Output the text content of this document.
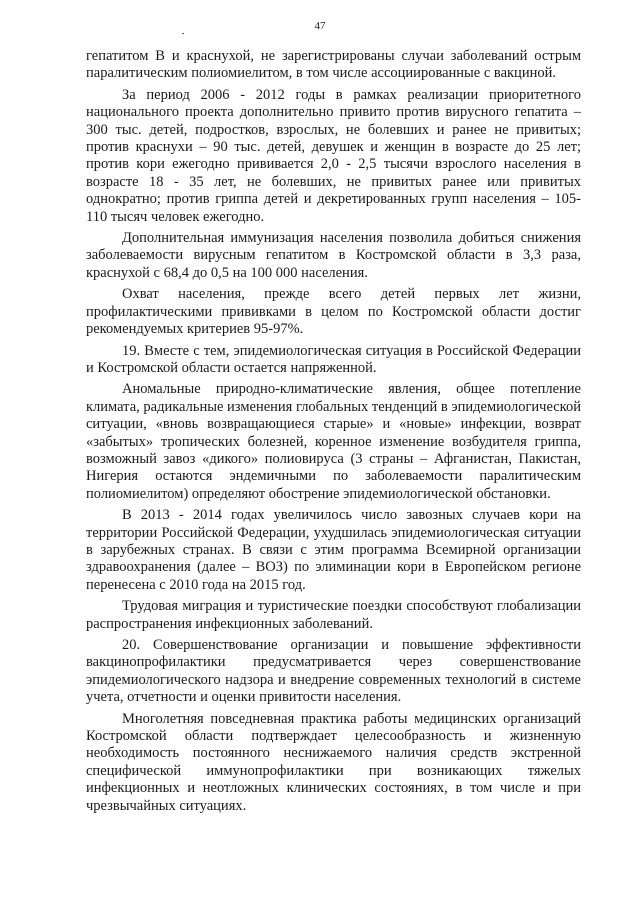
47

гепатитом В и краснухой, не зарегистрированы случаи заболеваний острым паралитическим полиомиелитом, в том числе ассоциированные с вакциной.

За период 2006 - 2012 годы в рамках реализации приоритетного национального проекта дополнительно привито против вирусного гепатита – 300 тыс. детей, подростков, взрослых, не болевших и ранее не привитых; против краснухи – 90 тыс. детей, девушек и женщин в возрасте до 25 лет; против кори ежегодно прививается 2,0 - 2,5 тысячи взрослого населения в возрасте 18 - 35 лет, не болевших, не привитых ранее или привитых однократно; против гриппа детей и декретированных групп населения – 105-110 тысяч человек ежегодно.

Дополнительная иммунизация населения позволила добиться снижения заболеваемости вирусным гепатитом в Костромской области в 3,3 раза, краснухой с 68,4 до 0,5 на 100 000 населения.

Охват населения, прежде всего детей первых лет жизни, профилактическими прививками в целом по Костромской области достиг рекомендуемых критериев 95-97%.

19. Вместе с тем, эпидемиологическая ситуация в Российской Федерации и Костромской области остается напряженной.

Аномальные природно-климатические явления, общее потепление климата, радикальные изменения глобальных тенденций в эпидемиологической ситуации, «вновь возвращающиеся старые» и «новые» инфекции, возврат «забытых» тропических болезней, коренное изменение возбудителя гриппа, возможный завоз «дикого» полиовируса (3 страны – Афганистан, Пакистан, Нигерия остаются эндемичными по заболеваемости паралитическим полиомиелитом) определяют обострение эпидемиологической обстановки.

В 2013 - 2014 годах увеличилось число завозных случаев кори на территории Российской Федерации, ухудшилась эпидемиологическая ситуации в зарубежных странах. В связи с этим программа Всемирной организации здравоохранения (далее – ВОЗ) по элиминации кори в Европейском регионе перенесена с 2010 года на 2015 год.

Трудовая миграция и туристические поездки способствуют глобализации распространения инфекционных заболеваний.

20. Совершенствование организации и повышение эффективности вакцинопрофилактики предусматривается через совершенствование эпидемиологического надзора и внедрение современных технологий в системе учета, отчетности и оценки привитости населения.

Многолетняя повседневная практика работы медицинских организаций Костромской области подтверждает целесообразность и жизненную необходимость постоянного неснижаемого наличия средств экстренной специфической иммунопрофилактики при возникающих тяжелых инфекционных и неотложных клинических состояниях, в том числе и при чрезвычайных ситуациях.
